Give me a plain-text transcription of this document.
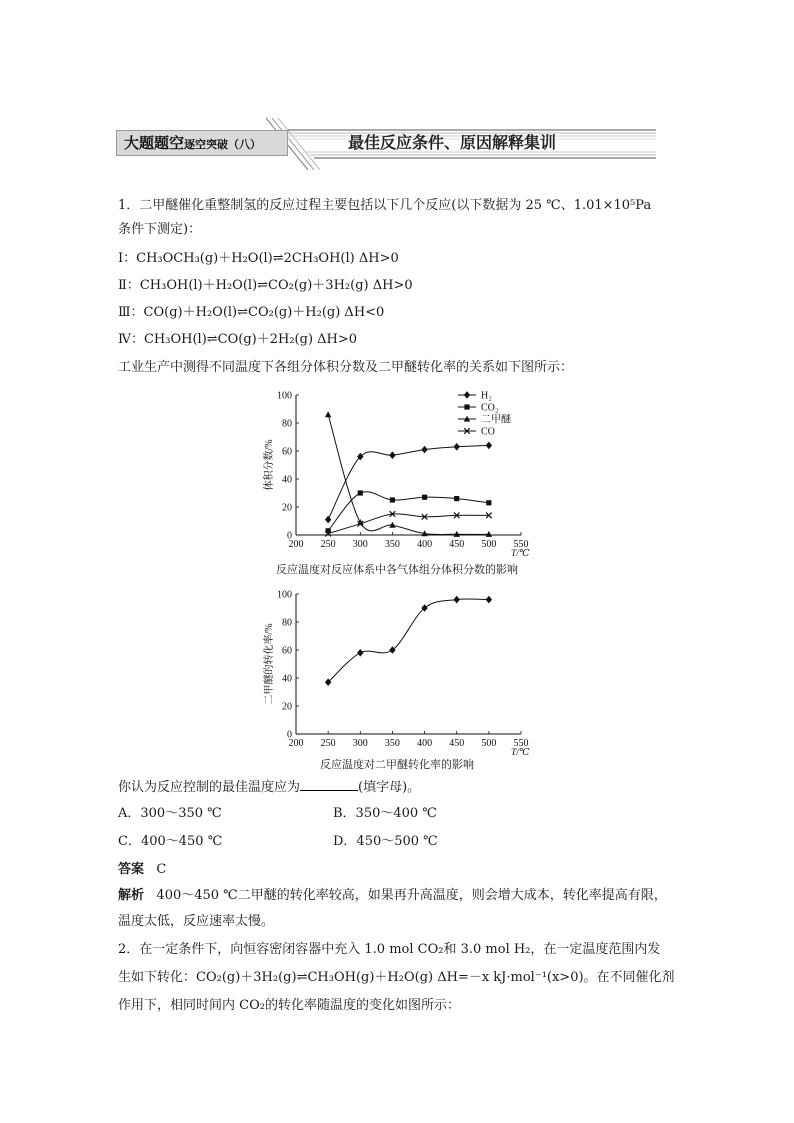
大题题空逐空突破（八）	最佳反应条件、原因解释集训
1．二甲醚催化重整制氢的反应过程主要包括以下几个反应(以下数据为 25 ℃、1.01×10⁵Pa
条件下测定)：
Ⅰ：CH₃OCH₃(g)＋H₂O(l)⇌2CH₃OH(l) ΔH>0
Ⅱ：CH₃OH(l)＋H₂O(l)⇌CO₂(g)＋3H₂(g) ΔH>0
Ⅲ：CO(g)＋H₂O(l)⇌CO₂(g)＋H₂(g) ΔH<0
Ⅳ：CH₃OH(l)⇌CO(g)＋2H₂(g) ΔH>0
工业生产中测得不同温度下各组分体积分数及二甲醚转化率的关系如下图所示：
200 250 300 350 400 450 500 550
0
20
40
60
80
100
T/℃
体积分数/%
H₂
CO₂
二甲醚
CO
反应温度对反应体系中各气体组分体积分数的影响
200 250 300 350 400 450 500 550
0
20
40
60
80
100
T/℃
二甲醚的转化率/%
反应温度对二甲醚转化率的影响
你认为反应控制的最佳温度应为	(填字母)。
A．300～350 ℃	B．350～400 ℃
C．400～450 ℃	D．450～500 ℃
答案 C
解析 400～450 ℃二甲醚的转化率较高，如果再升高温度，则会增大成本，转化率提高有限，
温度太低，反应速率太慢。
2．在一定条件下，向恒容密闭容器中充入 1.0 mol CO₂和 3.0 mol H₂，在一定温度范围内发
生如下转化：CO₂(g)＋3H₂(g)⇌CH₃OH(g)＋H₂O(g) ΔH=－x kJ·mol⁻¹(x>0)。在不同催化剂
作用下，相同时间内 CO₂的转化率随温度的变化如图所示：
